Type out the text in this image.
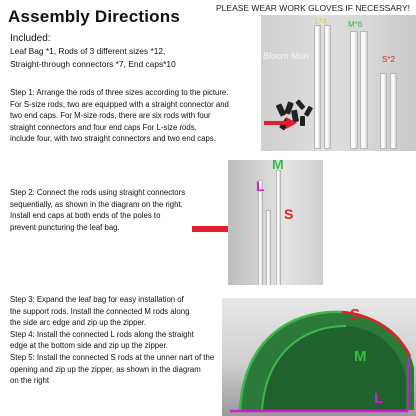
Assembly Directions	PLEASE WEAR WORK GLOVES IF NECESSARY!
Included:
Leaf Bag *1, Rods of 3 different sizes *12,
Straight-through connectors *7, End caps*10
Step 1: Arrange the rods of three sizes according to the picture.
For S-size rods, two are equipped with a straight connector and
two end caps. For M-size rods, there are six rods with four
straight connectors and four end caps For L-size rods,
include four, with two straight connectors and two end caps.
L*4	M*6
S*2
Bloom Mori
Step 2: Connect the rods using straight connectors
sequentially, as shown in the diagram on the right.
Install end caps at both ends of the poles to
prevent puncturing the leaf bag.
M
L
S
Step 3: Expand the leaf bag for easy installation of
the support rods. Install the connected M rods along
the side arc edge and zip up the zipper.
Step 4: Install the connected L rods along the straight
edge at the bottom side and zip up the zipper.
Step 5: Install the connected S rods at the unner nart of the
opening and zip up the zipper, as shown in the diagram
on the right
S
M
L
